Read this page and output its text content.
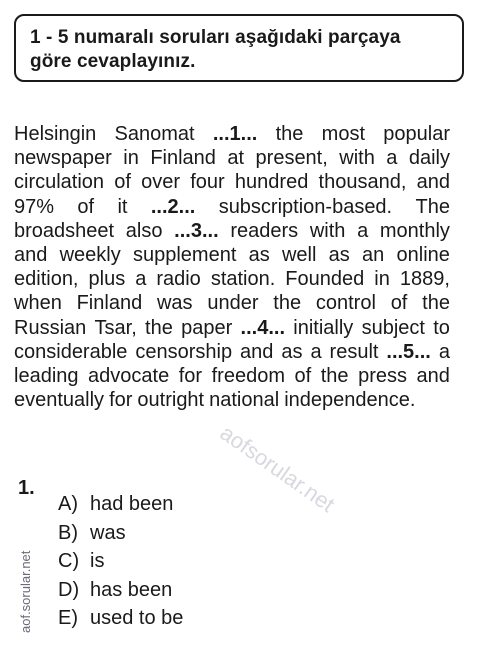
1 - 5 numaralı soruları aşağıdaki parçaya
göre cevaplayınız.
Helsingin Sanomat ...1... the most popular
newspaper in Finland at present, with a daily
circulation of over four hundred thousand, and
97% of it ...2... subscription-based. The
broadsheet also ...3... readers with a monthly
and weekly supplement as well as an online
edition, plus a radio station. Founded in 1889,
when Finland was under the control of the
Russian Tsar, the paper ...4... initially subject to
considerable censorship and as a result ...5... a
leading advocate for freedom of the press and
eventually for outright national independence.
1.
A) had been
B) was
C) is
D) has been
E) used to be
aofsorular.net
aof.sorular.net
